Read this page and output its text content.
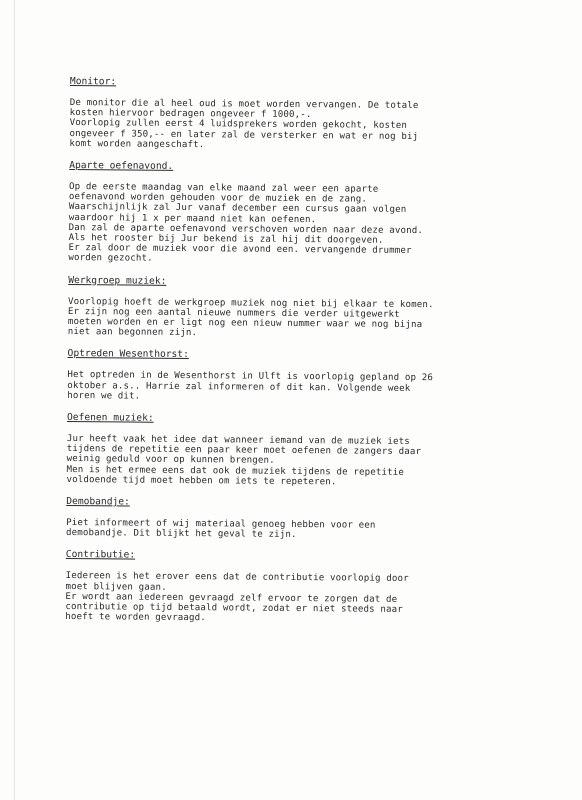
Monitor:
De monitor die al heel oud is moet worden vervangen. De totale
kosten hiervoor bedragen ongeveer f 1000,-.
Voorlopig zullen eerst 4 luidsprekers worden gekocht, kosten
ongeveer f 350,-- en later zal de versterker en wat er nog bij
komt worden aangeschaft.
Aparte oefenavond.
Op de eerste maandag van elke maand zal weer een aparte
oefenavond worden gehouden voor de muziek en de zang.
Waarschijnlijk zal Jur vanaf december een cursus gaan volgen
waardoor hij 1 x per maand niet kan oefenen.
Dan zal de aparte oefenavond verschoven worden naar deze avond.
Als het rooster bij Jur bekend is zal hij dit doorgeven.
Er zal door de muziek voor die avond een. vervangende drummer
worden gezocht.
Werkgroep muziek:
Voorlopig hoeft de werkgroep muziek nog niet bij elkaar te komen.
Er zijn nog een aantal nieuwe nummers die verder uitgewerkt
moeten worden en er ligt nog een nieuw nummer waar we nog bijna
niet aan begonnen zijn.
Optreden Wesenthorst:
Het optreden in de Wesenthorst in Ulft is voorlopig gepland op 26
oktober a.s.. Harrie zal informeren of dit kan. Volgende week
horen we dit.
Oefenen muziek:
Jur heeft vaak het idee dat wanneer iemand van de muziek iets
tijdens de repetitie een paar keer moet oefenen de zangers daar
weinig geduld voor op kunnen brengen.
Men is het ermee eens dat ook de muziek tijdens de repetitie
voldoende tijd moet hebben om iets te repeteren.
Demobandje:
Piet informeert of wij materiaal genoeg hebben voor een
demobandje. Dit blijkt het geval te zijn.
Contributie:
Iedereen is het erover eens dat de contributie voorlopig door
moet blijven gaan.
Er wordt aan iedereen gevraagd zelf ervoor te zorgen dat de
contributie op tijd betaald wordt, zodat er niet steeds naar
hoeft te worden gevraagd.
